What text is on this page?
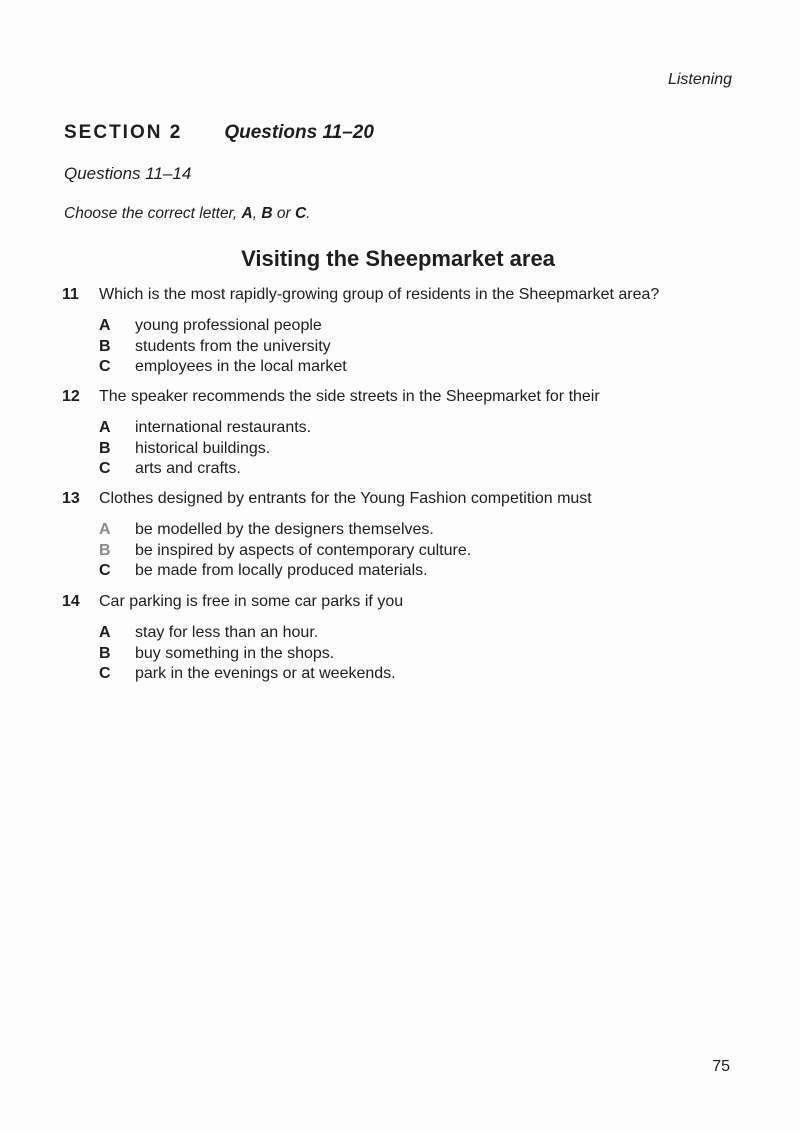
Listening
SECTION 2 Questions 11–20
Questions 11–14
Choose the correct letter, A, B or C.
Visiting the Sheepmarket area
11 Which is the most rapidly-growing group of residents in the Sheepmarket area?
A young professional people
B students from the university
C employees in the local market
12 The speaker recommends the side streets in the Sheepmarket for their
A international restaurants.
B historical buildings.
C arts and crafts.
13 Clothes designed by entrants for the Young Fashion competition must
A be modelled by the designers themselves.
B be inspired by aspects of contemporary culture.
C be made from locally produced materials.
14 Car parking is free in some car parks if you
A stay for less than an hour.
B buy something in the shops.
C park in the evenings or at weekends.
75
